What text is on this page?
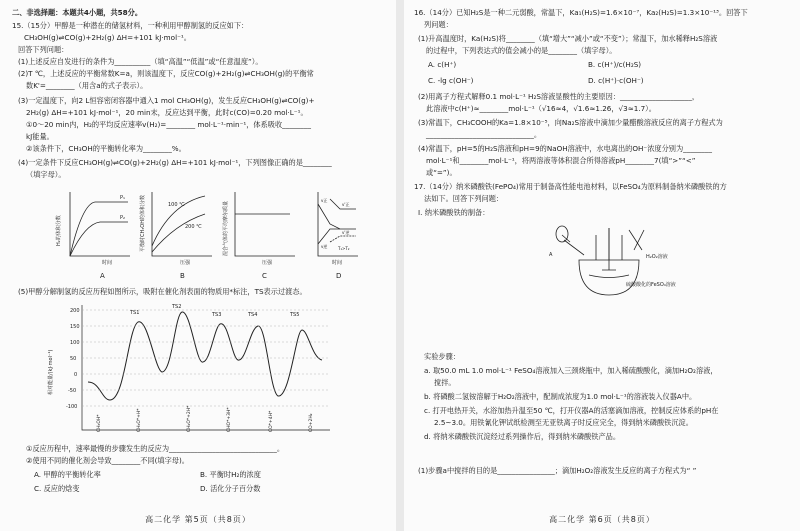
二、非选择题：本题共4小题，共58分。
15.（15分）甲醇是一种潜在的储氢材料，一种利用甲醇制氢的反应如下：
CH₃OH(g)⇌CO(g)+2H₂(g) ΔH=+101 kJ·mol⁻¹。
回答下列问题：
(1)上述反应自发进行的条件为__________（填“高温”“低温”或“任意温度”）。
(2)T ℃，上述反应的平衡常数K=a，则该温度下，反应CO(g)+2H₂(g)⇌CH₃OH(g)的平衡常
数K'=________（用含a的式子表示）。
(3)一定温度下，向2 L恒容密闭容器中通入1 mol CH₃OH(g)，发生反应CH₃OH(g)⇌CO(g)+
2H₂(g) ΔH=+101 kJ·mol⁻¹，20 min末，反应达到平衡，此时c(CO)=0.20 mol·L⁻¹。
①0～20 min内，H₂的平均反应速率v(H₂)=________ mol·L⁻¹·min⁻¹，体系吸收________
kJ能量。
②该条件下，CH₃OH的平衡转化率为________%。
(4)一定条件下反应CH₃OH(g)⇌CO(g)+2H₂(g) ΔH=+101 kJ·mol⁻¹，下列图像正确的是________
（填字母）。
H₂的体积分数
时间
P₁
P₂
A
平衡时CH₃OH的体积分数
压强
100 ℃
200 ℃
B
混合气体的平均摩尔质量
压强
C
时间
v正
v逆
v'正
v'逆
T₁>T₂
D
(5)甲醇分解制氢的反应历程如图所示，吸附在催化剂表面的物质用*标注，TS表示过渡态。
相对能量/(kJ·mol⁻¹)
200
150
100
50
0
-50
-100
TS1
TS2
TS3	TS4	TS5
CH₃OH*	CH₃O*+H*	CH₂O*+2H*	CHO*+3H*	CO*+4H*	CO+2H₂
①反应历程中，速率最慢的步骤发生的反应为______________________________。
②使用不同的催化剂会导致________不同(填字母)。
A. 甲醇的平衡转化率	B. 平衡时H₂的浓度
C. 反应的焓变	D. 活化分子百分数
高二化学 第5页（共8页）
16.（14分）已知H₂S是一种二元弱酸，常温下，Ka₁(H₂S)=1.6×10⁻⁷，Ka₂(H₂S)=1.3×10⁻¹³。回答下
列问题：
(1)升高温度时，Ka(H₂S)将________（填“增大”“减小”或“不变”）；常温下，加水稀释H₂S溶液
的过程中，下列表达式的值会减小的是________（填字母）。
A. c(H⁺)	B. c(H⁺)/c(H₂S)
C. -lg c(OH⁻)	D. c(H⁺)·c(OH⁻)
(2)用离子方程式解释0.1 mol·L⁻¹ H₂S溶液显酸性的主要原因：____________________，
此溶液中c(H⁺)≈________mol·L⁻¹（√16≈4，√1.6≈1.26，√3≈1.7）。
(3)常温下，CH₃COOH的Ka=1.8×10⁻⁵，向Na₂S溶液中滴加少量醋酸溶液反应的离子方程式为
______________________________。
(4)常温下，pH=5的H₂S溶液和pH=9的NaOH溶液中，水电离出的OH⁻浓度分别为________
mol·L⁻¹和________mol·L⁻¹，将两溶液等体积混合所得溶液pH________7(填“>”“<”
或“=”)。
17.（14分）纳米磷酸铁(FePO₄)常用于制备高性能电池材料，以FeSO₄为原料制备纳米磷酸铁的方
法如下。回答下列问题：
Ⅰ. 纳米磷酸铁的制备：
A	H₂O₂溶液
硫酸酸化的FeSO₄溶液
实验步骤：
a. 取50.0 mL 1.0 mol·L⁻¹ FeSO₄溶液加入三颈烧瓶中，加入稀硫酸酸化，滴加H₂O₂溶液，
搅拌。
b. 将磷酸二氢铵溶解于H₂O₂溶液中，配制成浓度为1.0 mol·L⁻¹的溶液装入仪器A中。
c. 打开电热开关，水浴加热升温至50 ℃，打开仪器A的活塞滴加溶液，控制反应体系的pH在
2.5~3.0。用铁氰化钾试纸检测至无亚铁离子时反应完全，得到纳米磷酸铁沉淀。
d. 将纳米磷酸铁沉淀经过系列操作后，得到纳米磷酸铁产品。
(1)步骤a中搅拌的目的是________________；滴加H₂O₂溶液发生反应的离子方程式为“ ”
高二化学 第6页（共8页）
